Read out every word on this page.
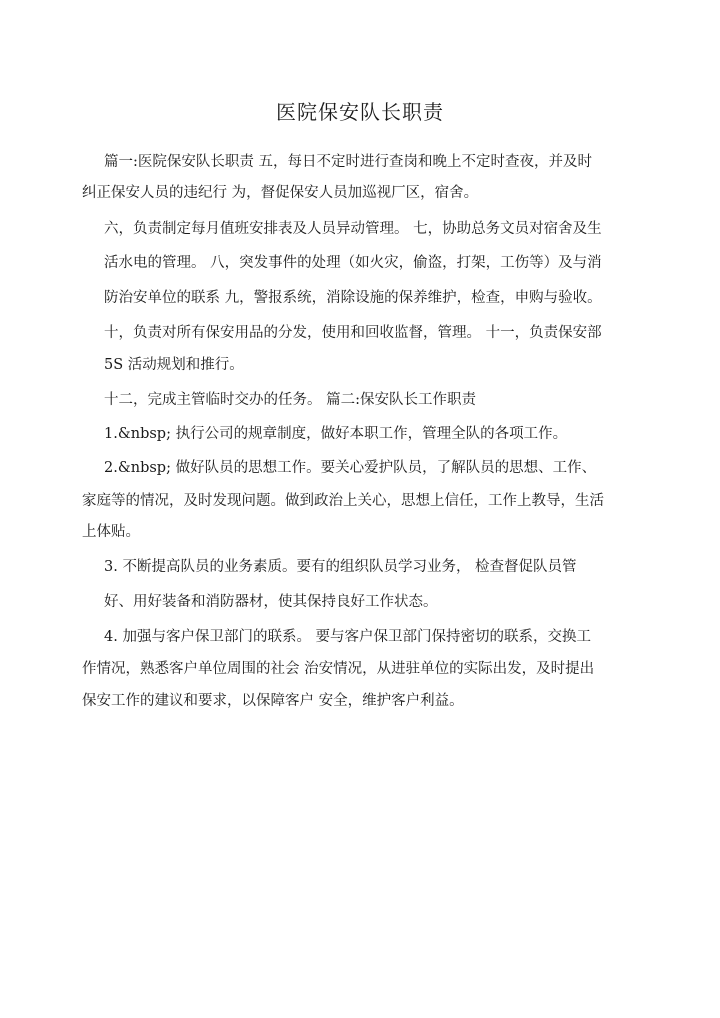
医院保安队长职责
篇一:医院保安队长职责 五，每日不定时进行查岗和晚上不定时查夜，并及时
纠正保安人员的违纪行 为，督促保安人员加巡视厂区，宿舍。
六，负责制定每月值班安排表及人员异动管理。 七，协助总务文员对宿舍及生
活水电的管理。 八，突发事件的处理（如火灾，偷盗，打架，工伤等）及与消
防治安单位的联系 九，警报系统，消除设施的保养维护，检查，申购与验收。
十，负责对所有保安用品的分发，使用和回收监督，管理。 十一，负责保安部
5S 活动规划和推行。
十二，完成主管临时交办的任务。 篇二:保安队长工作职责
1.&nbsp; 执行公司的规章制度，做好本职工作，管理全队的各项工作。
2.&nbsp; 做好队员的思想工作。要关心爱护队员，了解队员的思想、工作、
家庭等的情况，及时发现问题。做到政治上关心，思想上信任，工作上教导，生活
上体贴。
3. 不断提高队员的业务素质。要有的组织队员学习业务， 检查督促队员管
好、用好装备和消防器材，使其保持良好工作状态。
4. 加强与客户保卫部门的联系。 要与客户保卫部门保持密切的联系，交换工
作情况，熟悉客户单位周围的社会 治安情况，从进驻单位的实际出发，及时提出
保安工作的建议和要求，以保障客户 安全，维护客户利益。
